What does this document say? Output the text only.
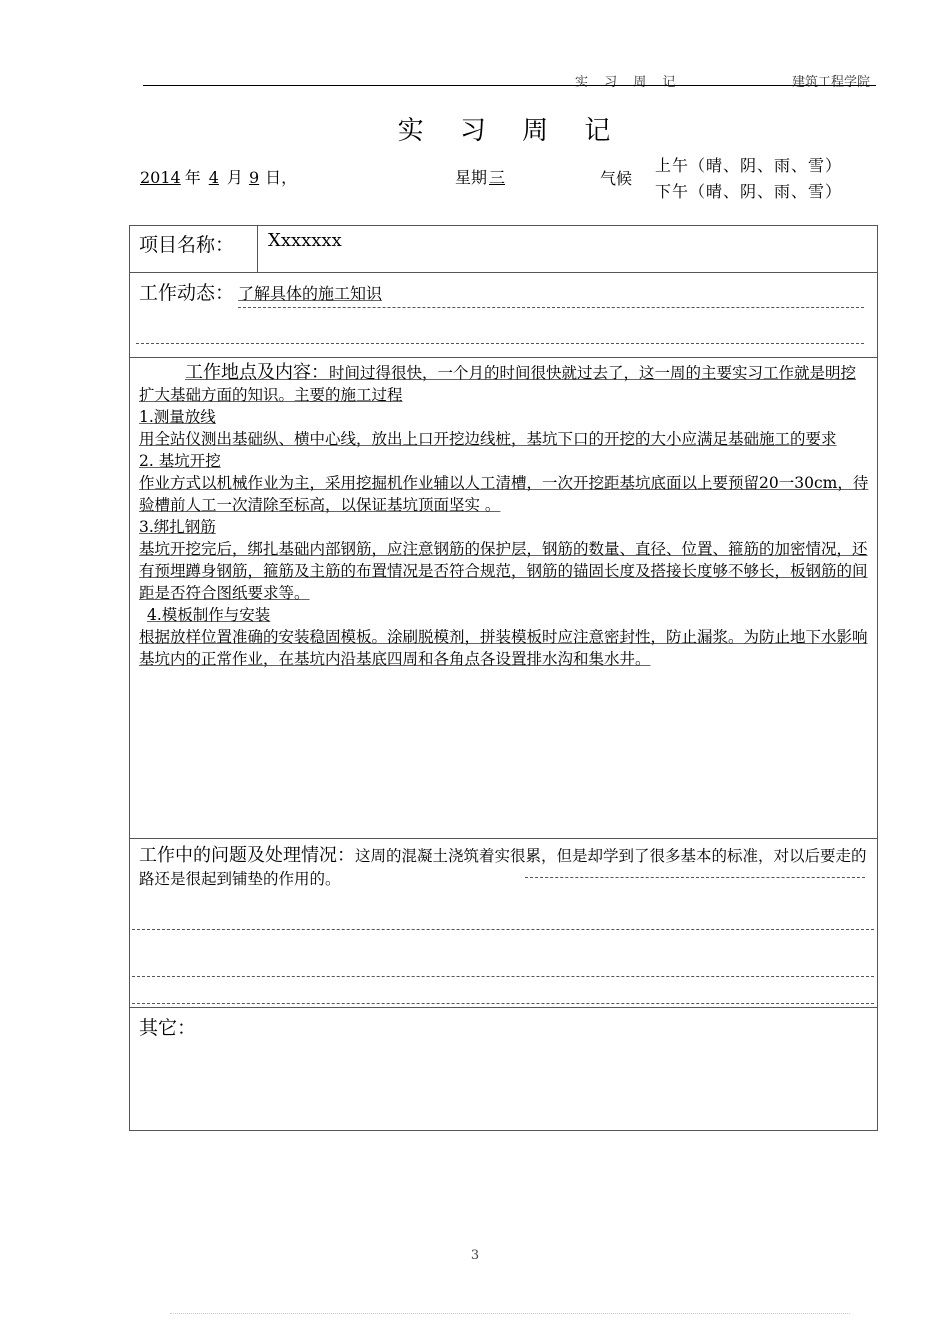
实 习 周 记	建筑工程学院
实 习 周 记
2014 年 4 月 9 日，	星期 三	气候
上午（晴、阴、雨、雪）
下午（晴、阴、雨、雪）
项目名称：	Xxxxxxx

工作动态： 了解具体的施工知识

工作地点及内容：时间过得很快，一个月的时间很快就过去了，这一周的主要实习工作就是明挖扩大基础方面的知识。主要的施工过程
1.测量放线
用全站仪测出基础纵、横中心线，放出上口开挖边线桩，基坑下口的开挖的大小应满足基础施工的要求
2. 基坑开挖
作业方式以机械作业为主，采用挖掘机作业辅以人工清槽，一次开挖距基坑底面以上要预留20一30cm，待验槽前人工一次清除至标高，以保证基坑顶面坚实 。
3.绑扎钢筋
基坑开挖完后，绑扎基础内部钢筋，应注意钢筋的保护层，钢筋的数量、直径、位置、箍筋的加密情况，还有预埋蹲身钢筋，箍筋及主筋的布置情况是否符合规范，钢筋的锚固长度及搭接长度够不够长，板钢筋的间距是否符合图纸要求等。
4.模板制作与安装
根据放样位置准确的安装稳固模板。涂刷脱模剂，拼装模板时应注意密封性，防止漏浆。为防止地下水影响基坑内的正常作业，在基坑内沿基底四周和各角点各设置排水沟和集水井。

工作中的问题及处理情况：这周的混凝土浇筑着实很累，但是却学到了很多基本的标准，对以后要走的路还是很起到铺垫的作用的。

其它：
3
